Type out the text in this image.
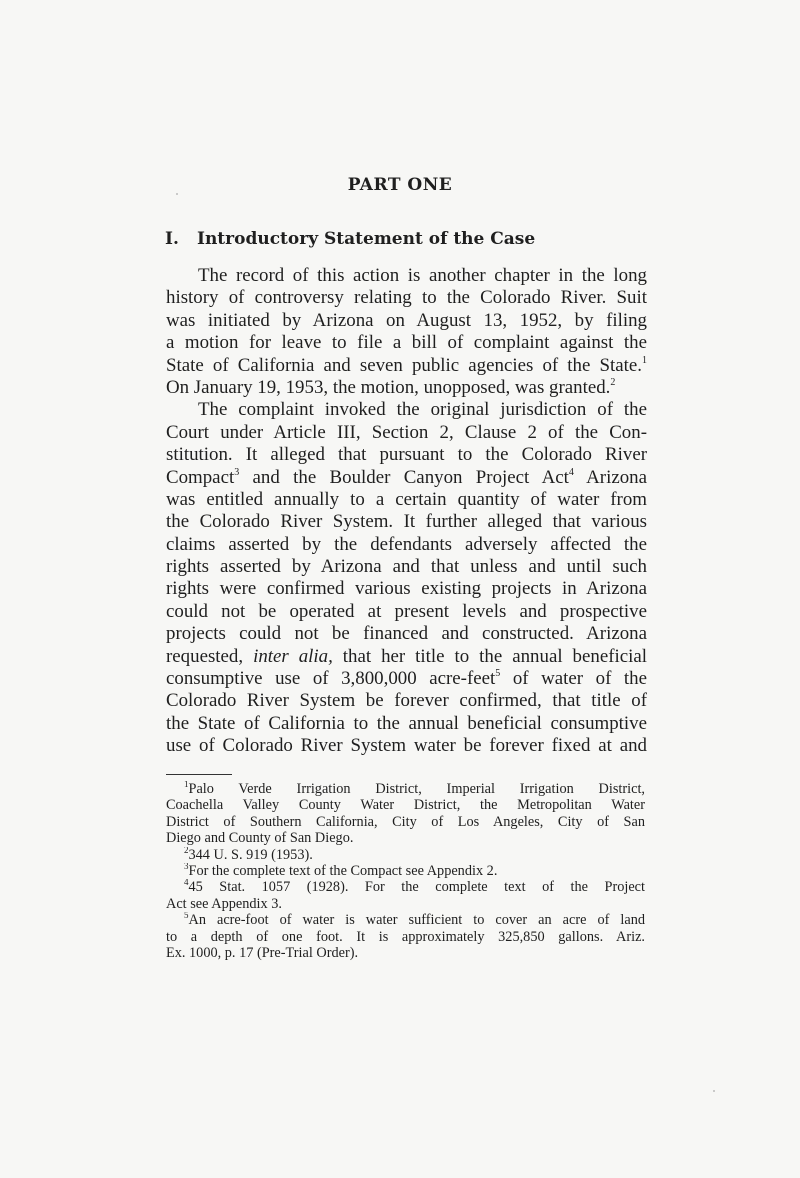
PART ONE
I. Introductory Statement of the Case
The record of this action is another chapter in the long
history of controversy relating to the Colorado River. Suit
was initiated by Arizona on August 13, 1952, by filing
a motion for leave to file a bill of complaint against the
State of California and seven public agencies of the State.$^1$
On January 19, 1953, the motion, unopposed, was granted.$^2$
The complaint invoked the original jurisdiction of the
Court under Article III, Section 2, Clause 2 of the Con-
stitution. It alleged that pursuant to the Colorado River
Compact$^3$ and the Boulder Canyon Project Act$^4$ Arizona
was entitled annually to a certain quantity of water from
the Colorado River System. It further alleged that various
claims asserted by the defendants adversely affected the
rights asserted by Arizona and that unless and until such
rights were confirmed various existing projects in Arizona
could not be operated at present levels and prospective
projects could not be financed and constructed. Arizona
requested, inter alia, that her title to the annual beneficial
consumptive use of 3,800,000 acre-feet$^5$ of water of the
Colorado River System be forever confirmed, that title of
the State of California to the annual beneficial consumptive
use of Colorado River System water be forever fixed at and
$^1$Palo Verde Irrigation District, Imperial Irrigation District,
Coachella Valley County Water District, the Metropolitan Water
District of Southern California, City of Los Angeles, City of San
Diego and County of San Diego.
$^2$344 U. S. 919 (1953).
$^3$For the complete text of the Compact see Appendix 2.
$^4$45 Stat. 1057 (1928). For the complete text of the Project
Act see Appendix 3.
$^5$An acre-foot of water is water sufficient to cover an acre of land
to a depth of one foot. It is approximately 325,850 gallons. Ariz.
Ex. 1000, p. 17 (Pre-Trial Order).
